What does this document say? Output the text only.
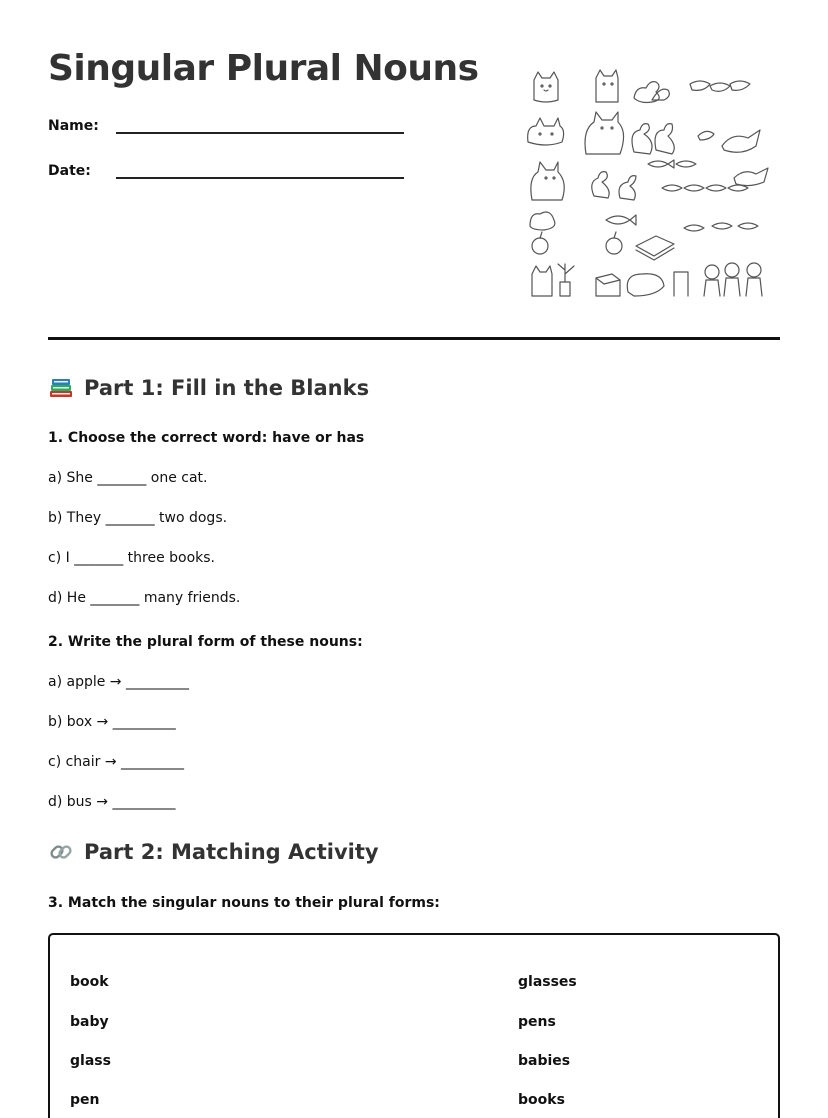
Singular Plural Nouns
Name:
Date:
Part 1: Fill in the Blanks
1. Choose the correct word: have or has
a) She _______ one cat.
b) They _______ two dogs.
c) I _______ three books.
d) He _______ many friends.
2. Write the plural form of these nouns:
a) apple → _________
b) box → _________
c) chair → _________
d) bus → _________
Part 2: Matching Activity
3. Match the singular nouns to their plural forms:
book
baby
glass
pen
glasses
pens
babies
books
